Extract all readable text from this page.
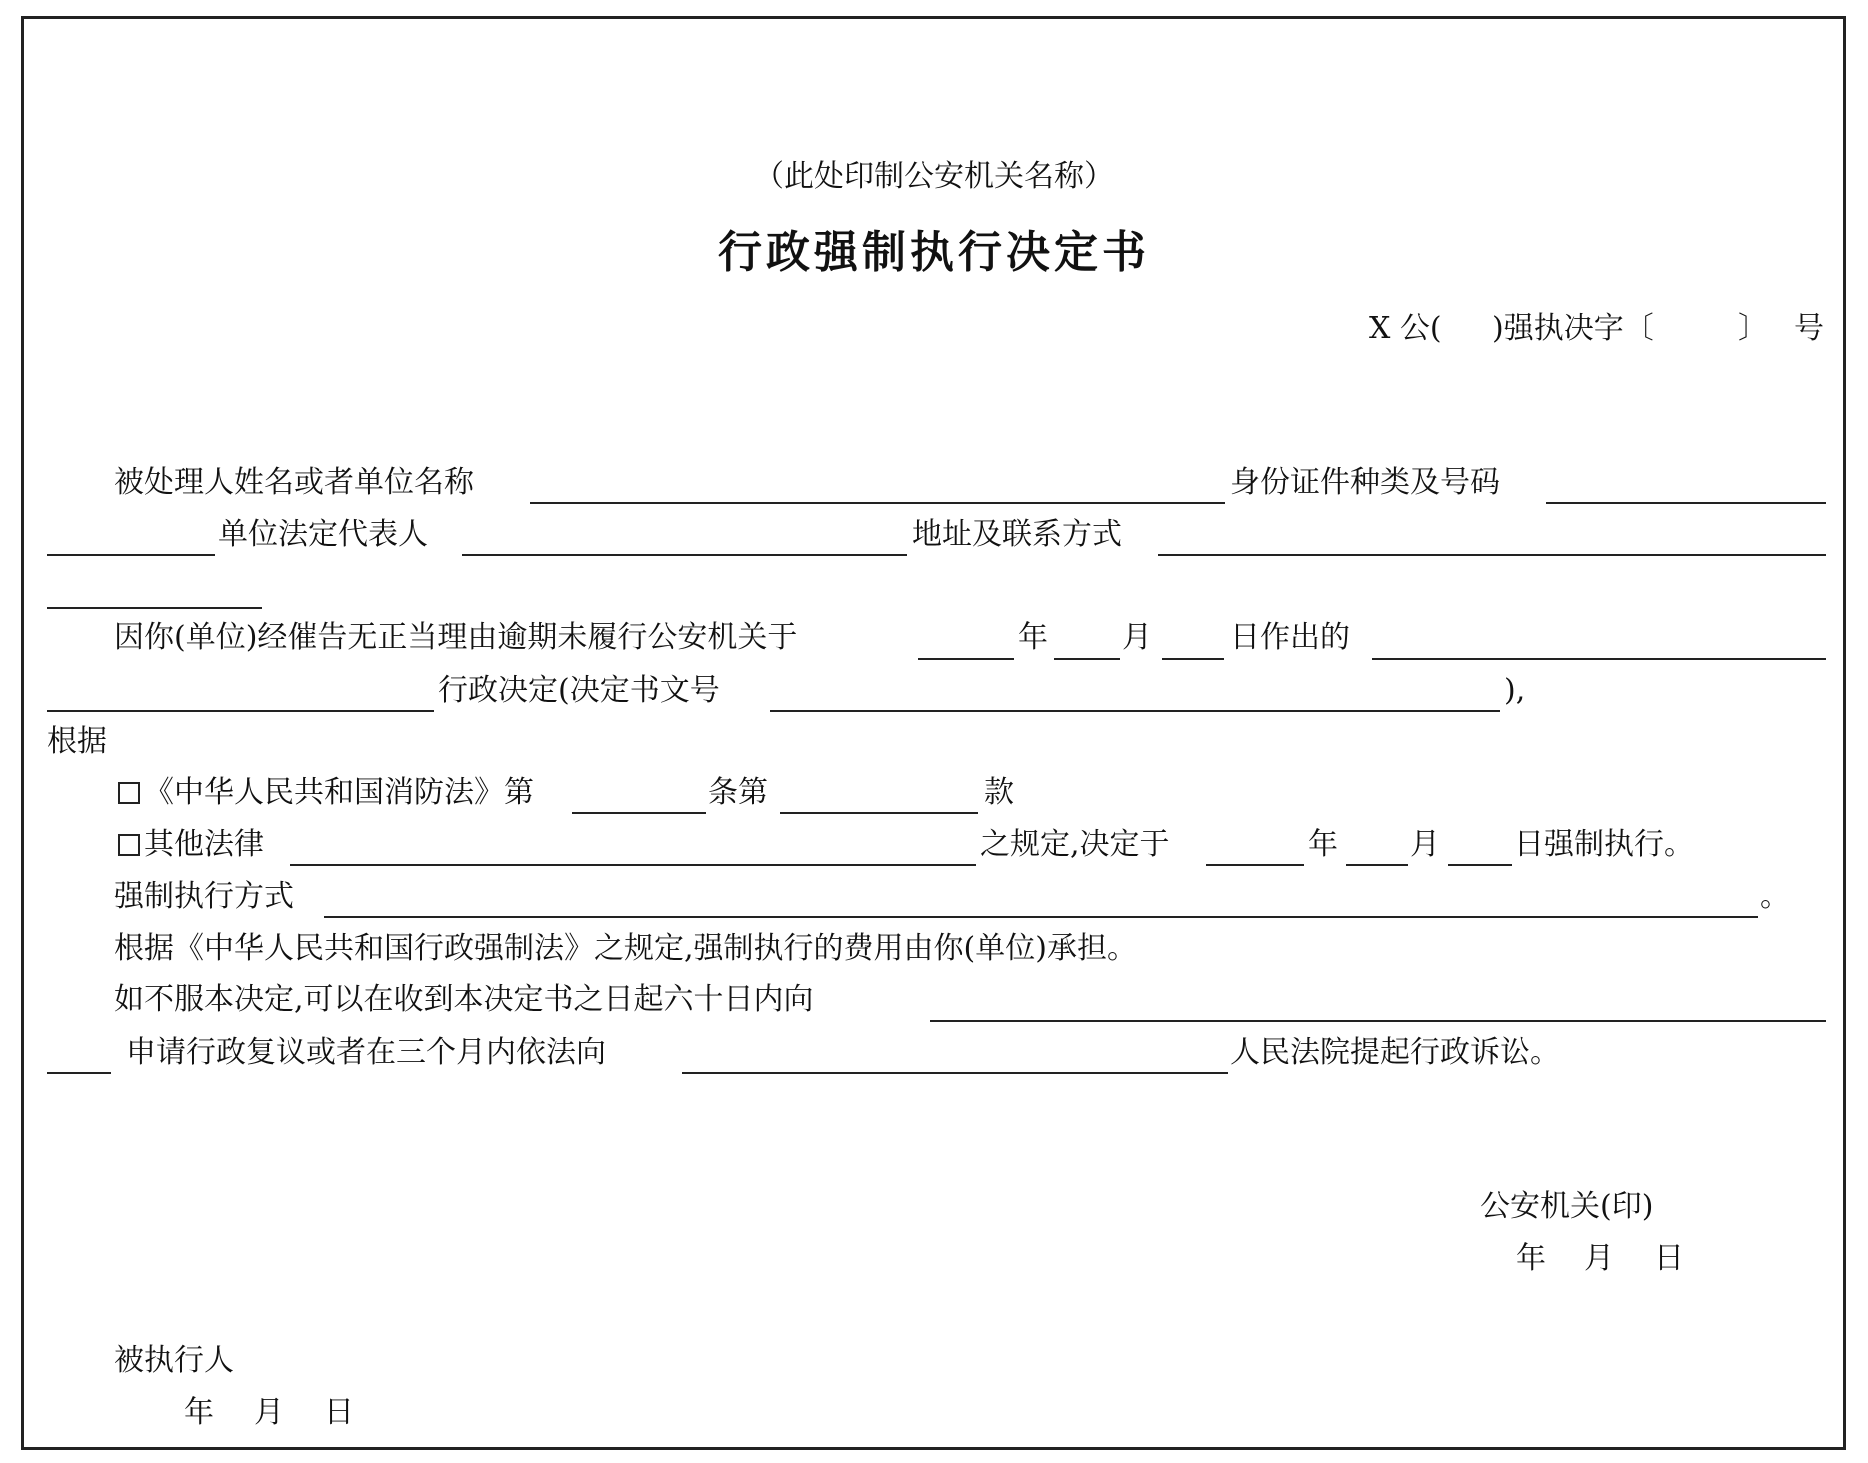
（此处印制公安机关名称）
行政强制执行决定书
X 公( )强执决字〔	〕 号
被处理人姓名或者单位名称	身份证件种类及号码
单位法定代表人	地址及联系方式
因你(单位)经催告无正当理由逾期未履行公安机关于	年 月	日作出的
行政决定(决定书文号	),
根据
《中华人民共和国消防法》第	条第	款
其他法律	之规定,决定于	年 月 日强制执行。
强制执行方式	。
根据《中华人民共和国行政强制法》之规定,强制执行的费用由你(单位)承担。
如不服本决定,可以在收到本决定书之日起六十日内向
申请行政复议或者在三个月内依法向	人民法院提起行政诉讼。
公安机关(印)
年 月 日
被执行人
年 月 日
